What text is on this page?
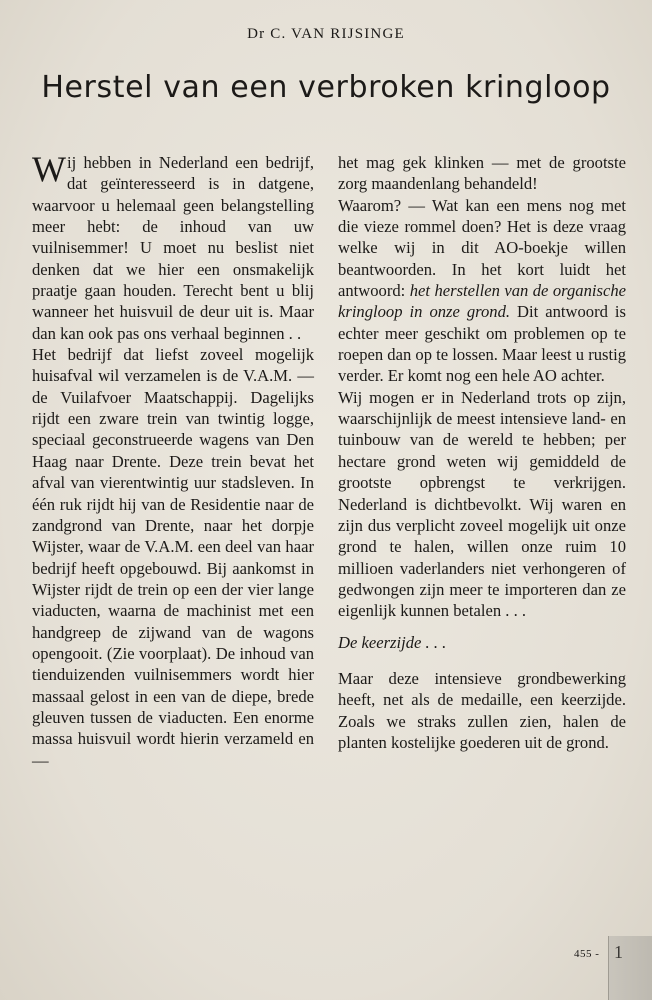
Dr C. VAN RIJSINGE
Herstel van een verbroken kringloop

Wij hebben in Nederland een bedrijf, dat geïnteresseerd is in datgene, waarvoor u helemaal geen belangstelling meer hebt: de inhoud van uw vuilnisemmer! U moet nu beslist niet denken dat we hier een onsmakelijk praatje gaan houden. Terecht bent u blij wanneer het huisvuil de deur uit is. Maar dan kan ook pas ons verhaal beginnen . .

Het bedrijf dat liefst zoveel mogelijk huisafval wil verzamelen is de V.A.M. — de Vuilafvoer Maatschappij. Dagelijks rijdt een zware trein van twintig logge, speciaal geconstrueerde wagens van Den Haag naar Drente. Deze trein bevat het afval van vierentwintig uur stadsleven. In één ruk rijdt hij van de Residentie naar de zandgrond van Drente, naar het dorpje Wijster, waar de V.A.M. een deel van haar bedrijf heeft opgebouwd. Bij aankomst in Wijster rijdt de trein op een der vier lange viaducten, waarna de machinist met een handgreep de zijwand van de wagons opengooit. (Zie voorplaat). De inhoud van tienduizenden vuilnisemmers wordt hier massaal gelost in een van de diepe, brede gleuven tussen de viaducten. Een enorme massa huisvuil wordt hierin verzameld en —

het mag gek klinken — met de grootste zorg maandenlang behandeld!

Waarom? — Wat kan een mens nog met die vieze rommel doen? Het is deze vraag welke wij in dit AO-boekje willen beantwoorden. In het kort luidt het antwoord: het herstellen van de organische kringloop in onze grond. Dit antwoord is echter meer geschikt om problemen op te roepen dan op te lossen. Maar leest u rustig verder. Er komt nog een hele AO achter.

Wij mogen er in Nederland trots op zijn, waarschijnlijk de meest intensieve land- en tuinbouw van de wereld te hebben; per hectare grond weten wij gemiddeld de grootste opbrengst te verkrijgen. Nederland is dichtbevolkt. Wij waren en zijn dus verplicht zoveel mogelijk uit onze grond te halen, willen onze ruim 10 millioen vaderlanders niet verhongeren of gedwongen zijn meer te importeren dan ze eigenlijk kunnen betalen . . .

De keerzijde . . .

Maar deze intensieve grondbewerking heeft, net als de medaille, een keerzijde. Zoals we straks zullen zien, halen de planten kostelijke goederen uit de grond.

455 - 1
